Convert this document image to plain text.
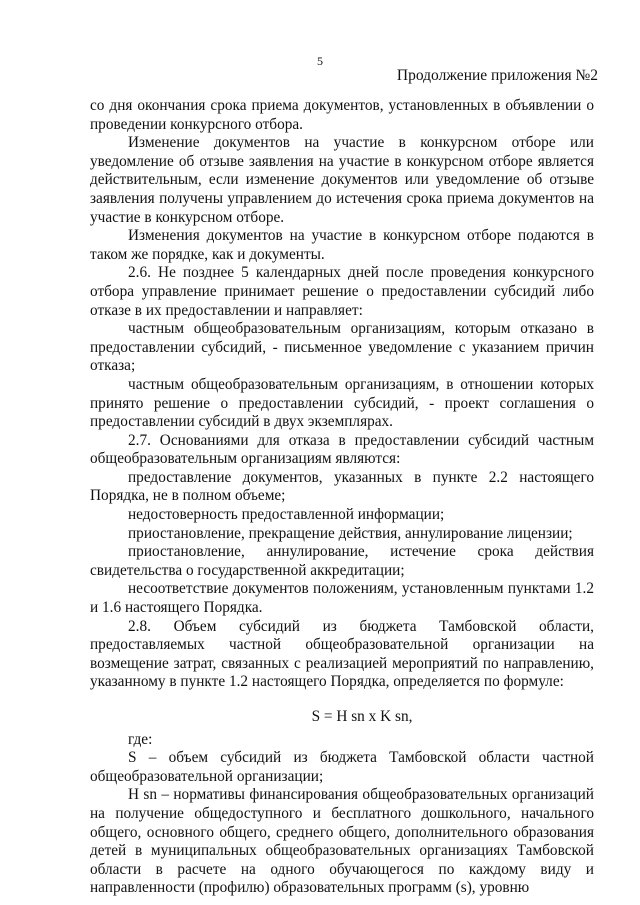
5
Продолжение приложения №2

со дня окончания срока приема документов, установленных в объявлении о проведении конкурсного отбора.

Изменение документов на участие в конкурсном отборе или уведомление об отзыве заявления на участие в конкурсном отборе является действительным, если изменение документов или уведомление об отзыве заявления получены управлением до истечения срока приема документов на участие в конкурсном отборе.

Изменения документов на участие в конкурсном отборе подаются в таком же порядке, как и документы.

2.6. Не позднее 5 календарных дней после проведения конкурсного отбора управление принимает решение о предоставлении субсидий либо отказе в их предоставлении и направляет:

частным общеобразовательным организациям, которым отказано в предоставлении субсидий, - письменное уведомление с указанием причин отказа;

частным общеобразовательным организациям, в отношении которых принято решение о предоставлении субсидий, - проект соглашения о предоставлении субсидий в двух экземплярах.

2.7. Основаниями для отказа в предоставлении субсидий частным общеобразовательным организациям являются:

предоставление документов, указанных в пункте 2.2 настоящего Порядка, не в полном объеме;

недостоверность предоставленной информации;

приостановление, прекращение действия, аннулирование лицензии;

приостановление, аннулирование, истечение срока действия свидетельства о государственной аккредитации;

несоответствие документов положениям, установленным пунктами 1.2 и 1.6 настоящего Порядка.

2.8. Объем субсидий из бюджета Тамбовской области, предоставляемых частной общеобразовательной организации на возмещение затрат, связанных с реализацией мероприятий по направлению, указанному в пункте 1.2 настоящего Порядка, определяется по формуле:

S = H sn x K sn,

где:

S – объем субсидий из бюджета Тамбовской области частной общеобразовательной организации;

H sn – нормативы финансирования общеобразовательных организаций на получение общедоступного и бесплатного дошкольного, начального общего, основного общего, среднего общего, дополнительного образования детей в муниципальных общеобразовательных организациях Тамбовской области в расчете на одного обучающегося по каждому виду и направленности (профилю) образовательных программ (s), уровню
